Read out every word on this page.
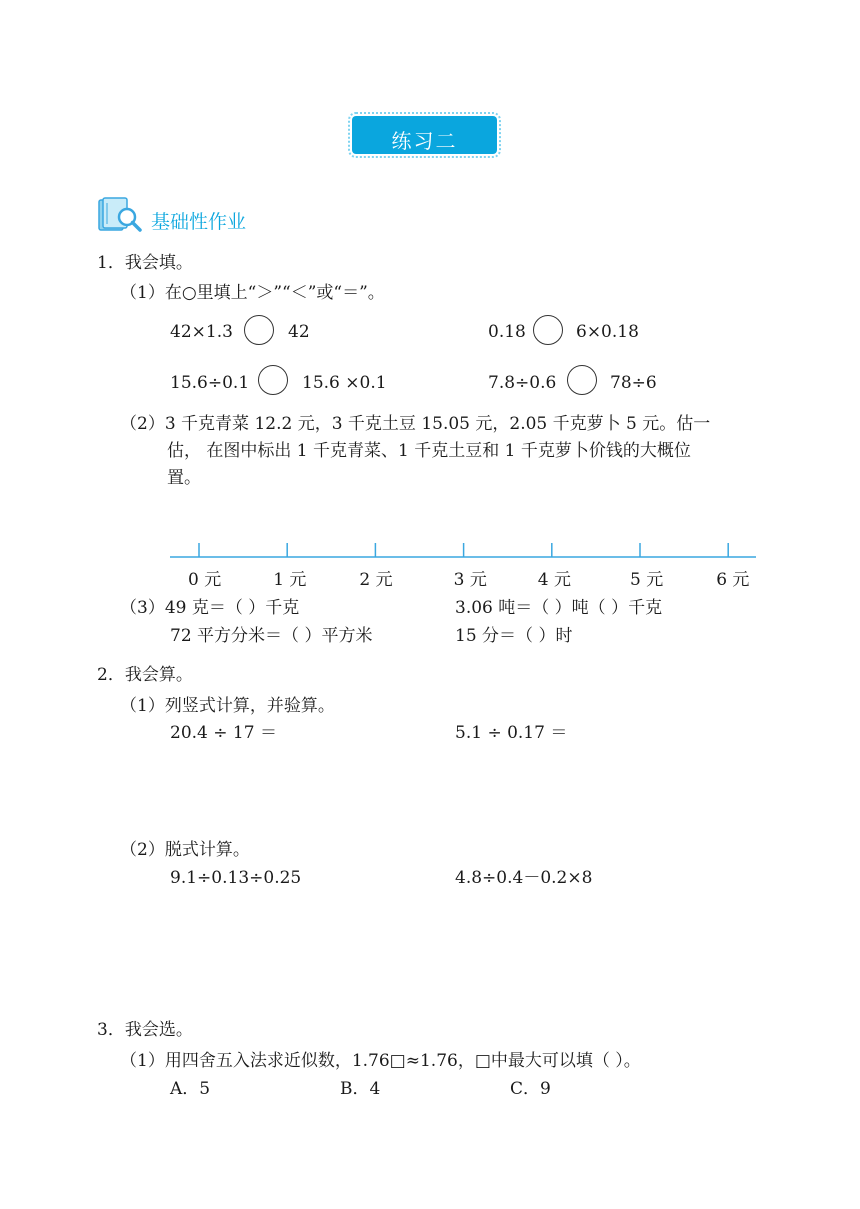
练习二
基础性作业
1．我会填。
（1）在○里填上“＞”“＜”或“＝”。
42×1.3	42	0.18	6×0.18
15.6÷0.1	15.6 ×0.1	7.8÷0.6	78÷6
（2）3 千克青菜 12.2 元，3 千克土豆 15.05 元，2.05 千克萝卜 5 元。估一
估， 在图中标出 1 千克青菜、1 千克土豆和 1 千克萝卜价钱的大概位
置。
0 元	1 元	2 元	3 元	4 元	5 元	6 元
（3）49 克＝（ ）千克	3.06 吨＝（ ）吨（ ）千克
72 平方分米＝（ ）平方米	15 分＝（ ）时
2．我会算。
（1）列竖式计算，并验算。
20.4 ÷ 17 ＝	5.1 ÷ 0.17 ＝
（2）脱式计算。
9.1÷0.13÷0.25	4.8÷0.4－0.2×8
3．我会选。
（1）用四舍五入法求近似数，1.76□≈1.76，□中最大可以填（ ）。
A．5	B．4	C．9
